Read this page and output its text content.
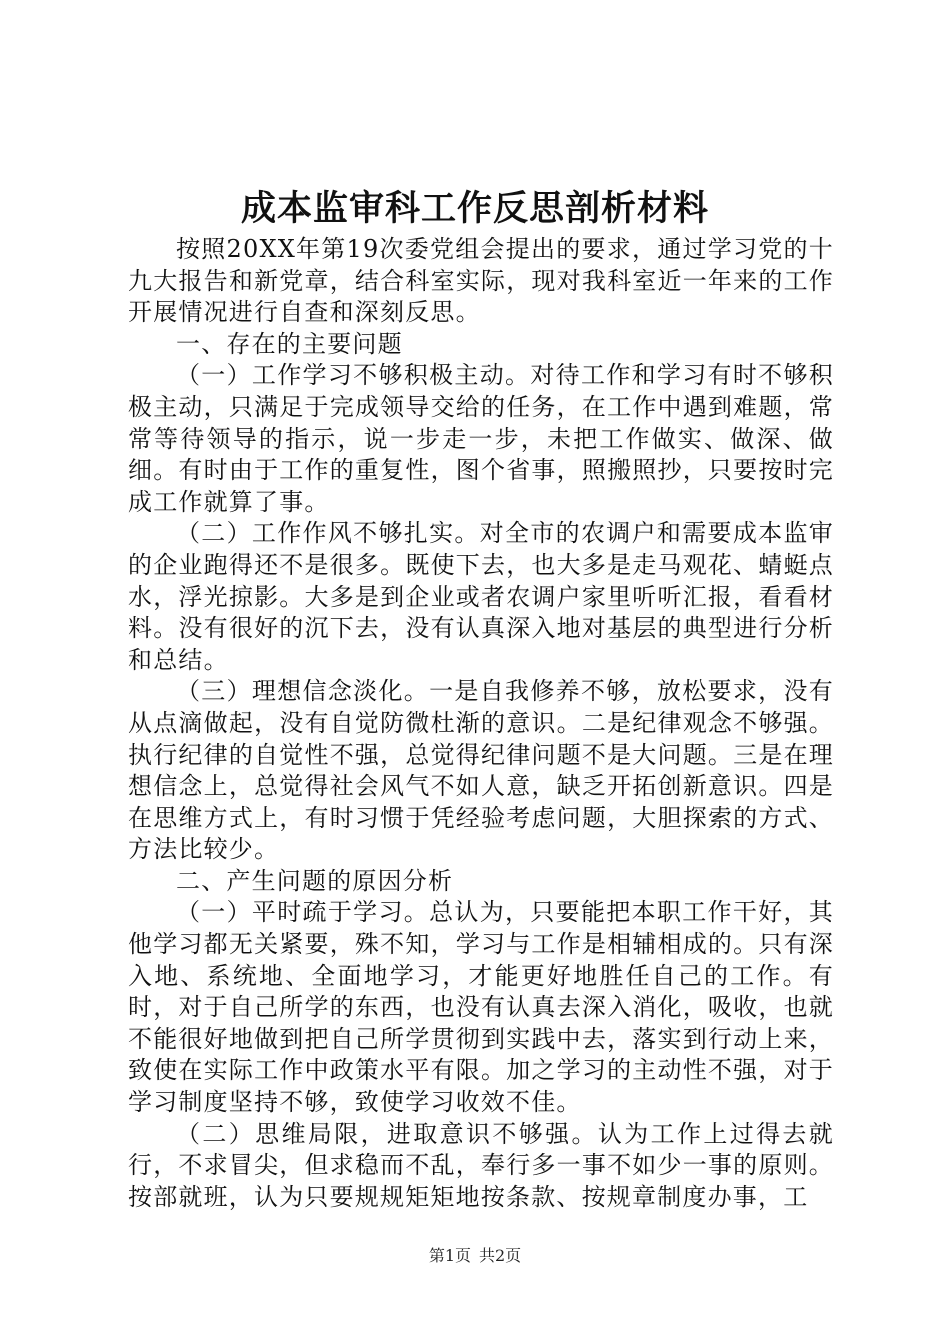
成本监审科工作反思剖析材料

按照20XX年第19次委党组会提出的要求，通过学习党的十九大报告和新党章，结合科室实际，现对我科室近一年来的工作开展情况进行自查和深刻反思。

一、存在的主要问题

（一）工作学习不够积极主动。对待工作和学习有时不够积极主动，只满足于完成领导交给的任务，在工作中遇到难题，常常等待领导的指示，说一步走一步，未把工作做实、做深、做细。有时由于工作的重复性，图个省事，照搬照抄，只要按时完成工作就算了事。

（二）工作作风不够扎实。对全市的农调户和需要成本监审的企业跑得还不是很多。既使下去，也大多是走马观花、蜻蜓点水，浮光掠影。大多是到企业或者农调户家里听听汇报，看看材料。没有很好的沉下去，没有认真深入地对基层的典型进行分析和总结。

（三）理想信念淡化。一是自我修养不够，放松要求，没有从点滴做起，没有自觉防微杜渐的意识。二是纪律观念不够强。执行纪律的自觉性不强，总觉得纪律问题不是大问题。三是在理想信念上，总觉得社会风气不如人意，缺乏开拓创新意识。四是在思维方式上，有时习惯于凭经验考虑问题，大胆探索的方式、方法比较少。

二、产生问题的原因分析

（一）平时疏于学习。总认为，只要能把本职工作干好，其他学习都无关紧要，殊不知，学习与工作是相辅相成的。只有深入地、系统地、全面地学习，才能更好地胜任自己的工作。有时，对于自己所学的东西，也没有认真去深入消化，吸收，也就不能很好地做到把自己所学贯彻到实践中去，落实到行动上来，致使在实际工作中政策水平有限。加之学习的主动性不强，对于学习制度坚持不够，致使学习收效不佳。

（二）思维局限，进取意识不够强。认为工作上过得去就行，不求冒尖，但求稳而不乱，奉行多一事不如少一事的原则。按部就班，认为只要规规矩矩地按条款、按规章制度办事，工

第1页 共2页
